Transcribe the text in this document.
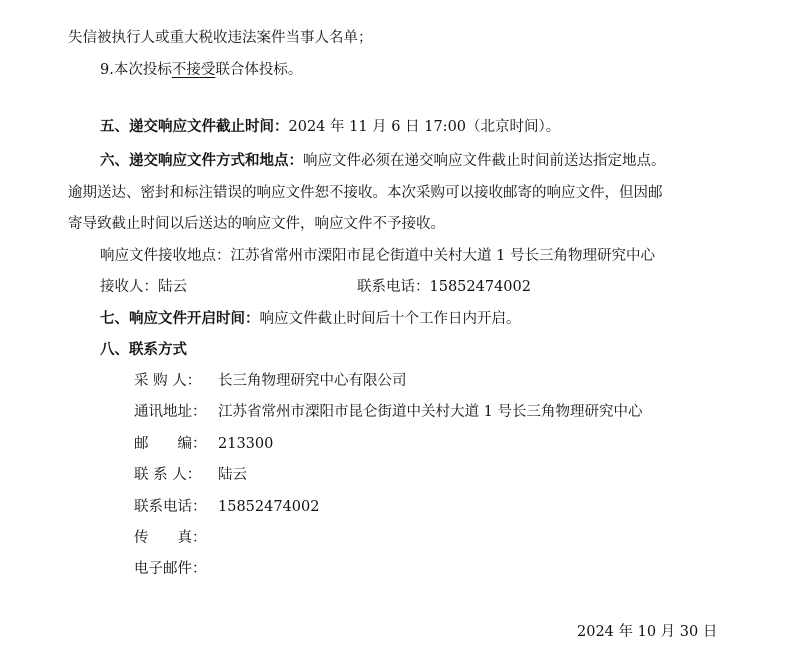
失信被执行人或重大税收违法案件当事人名单；
9.本次投标不接受联合体投标。
五、递交响应文件截止时间：2024 年 11 月 6 日 17:00（北京时间）。
六、递交响应文件方式和地点：响应文件必须在递交响应文件截止时间前送达指定地点。
逾期送达、密封和标注错误的响应文件恕不接收。本次采购可以接收邮寄的响应文件，但因邮
寄导致截止时间以后送达的响应文件，响应文件不予接收。
响应文件接收地点：江苏省常州市溧阳市昆仑街道中关村大道 1 号长三角物理研究中心
接收人：陆云	联系电话：15852474002
七、响应文件开启时间：响应文件截止时间后十个工作日内开启。
八、联系方式
采 购 人： 长三角物理研究中心有限公司
通讯地址： 江苏省常州市溧阳市昆仑街道中关村大道 1 号长三角物理研究中心
邮　　编： 213300
联 系 人： 陆云
联系电话： 15852474002
传　　真：
电子邮件：
2024 年 10 月 30 日
